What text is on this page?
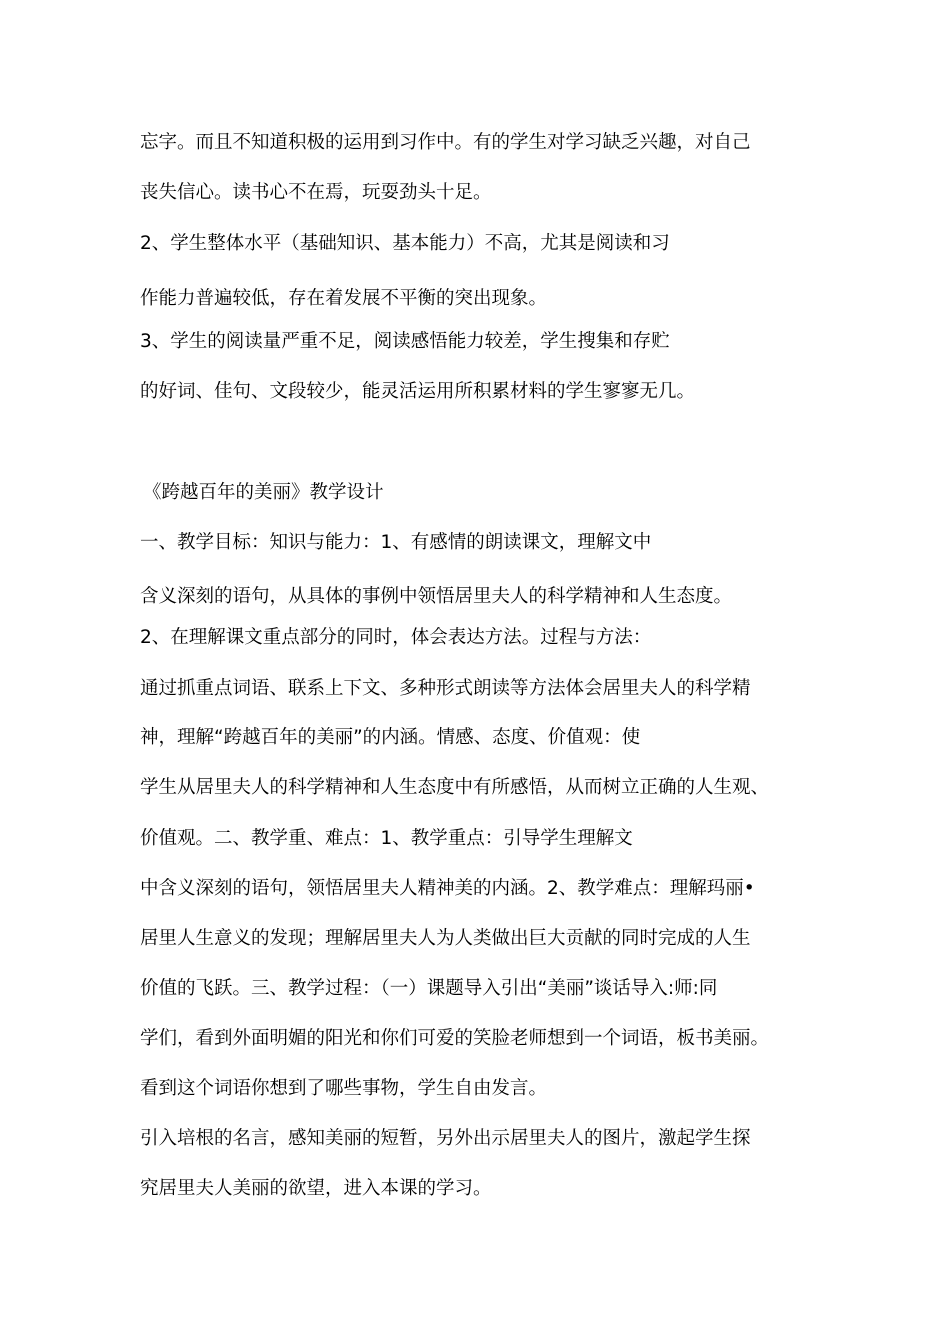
忘字。而且不知道积极的运用到习作中。有的学生对学习缺乏兴趣，对自己
丧失信心。读书心不在焉，玩耍劲头十足。
2、学生整体水平（基础知识、基本能力）不高，尤其是阅读和习
作能力普遍较低，存在着发展不平衡的突出现象。
3、学生的阅读量严重不足，阅读感悟能力较差，学生搜集和存贮
的好词、佳句、文段较少，能灵活运用所积累材料的学生寥寥无几。
《跨越百年的美丽》教学设计
一、教学目标：知识与能力：1、有感情的朗读课文，理解文中
含义深刻的语句，从具体的事例中领悟居里夫人的科学精神和人生态度。
2、在理解课文重点部分的同时，体会表达方法。过程与方法：
通过抓重点词语、联系上下文、多种形式朗读等方法体会居里夫人的科学精
神，理解“跨越百年的美丽”的内涵。情感、态度、价值观：使
学生从居里夫人的科学精神和人生态度中有所感悟，从而树立正确的人生观、
价值观。二、教学重、难点：1、教学重点：引导学生理解文
中含义深刻的语句，领悟居里夫人精神美的内涵。2、教学难点：理解玛丽•
居里人生意义的发现；理解居里夫人为人类做出巨大贡献的同时完成的人生
价值的飞跃。三、教学过程：（一）课题导入引出“美丽”谈话导入:师:同
学们，看到外面明媚的阳光和你们可爱的笑脸老师想到一个词语，板书美丽。
看到这个词语你想到了哪些事物，学生自由发言。
引入培根的名言，感知美丽的短暂，另外出示居里夫人的图片，激起学生探
究居里夫人美丽的欲望，进入本课的学习。
